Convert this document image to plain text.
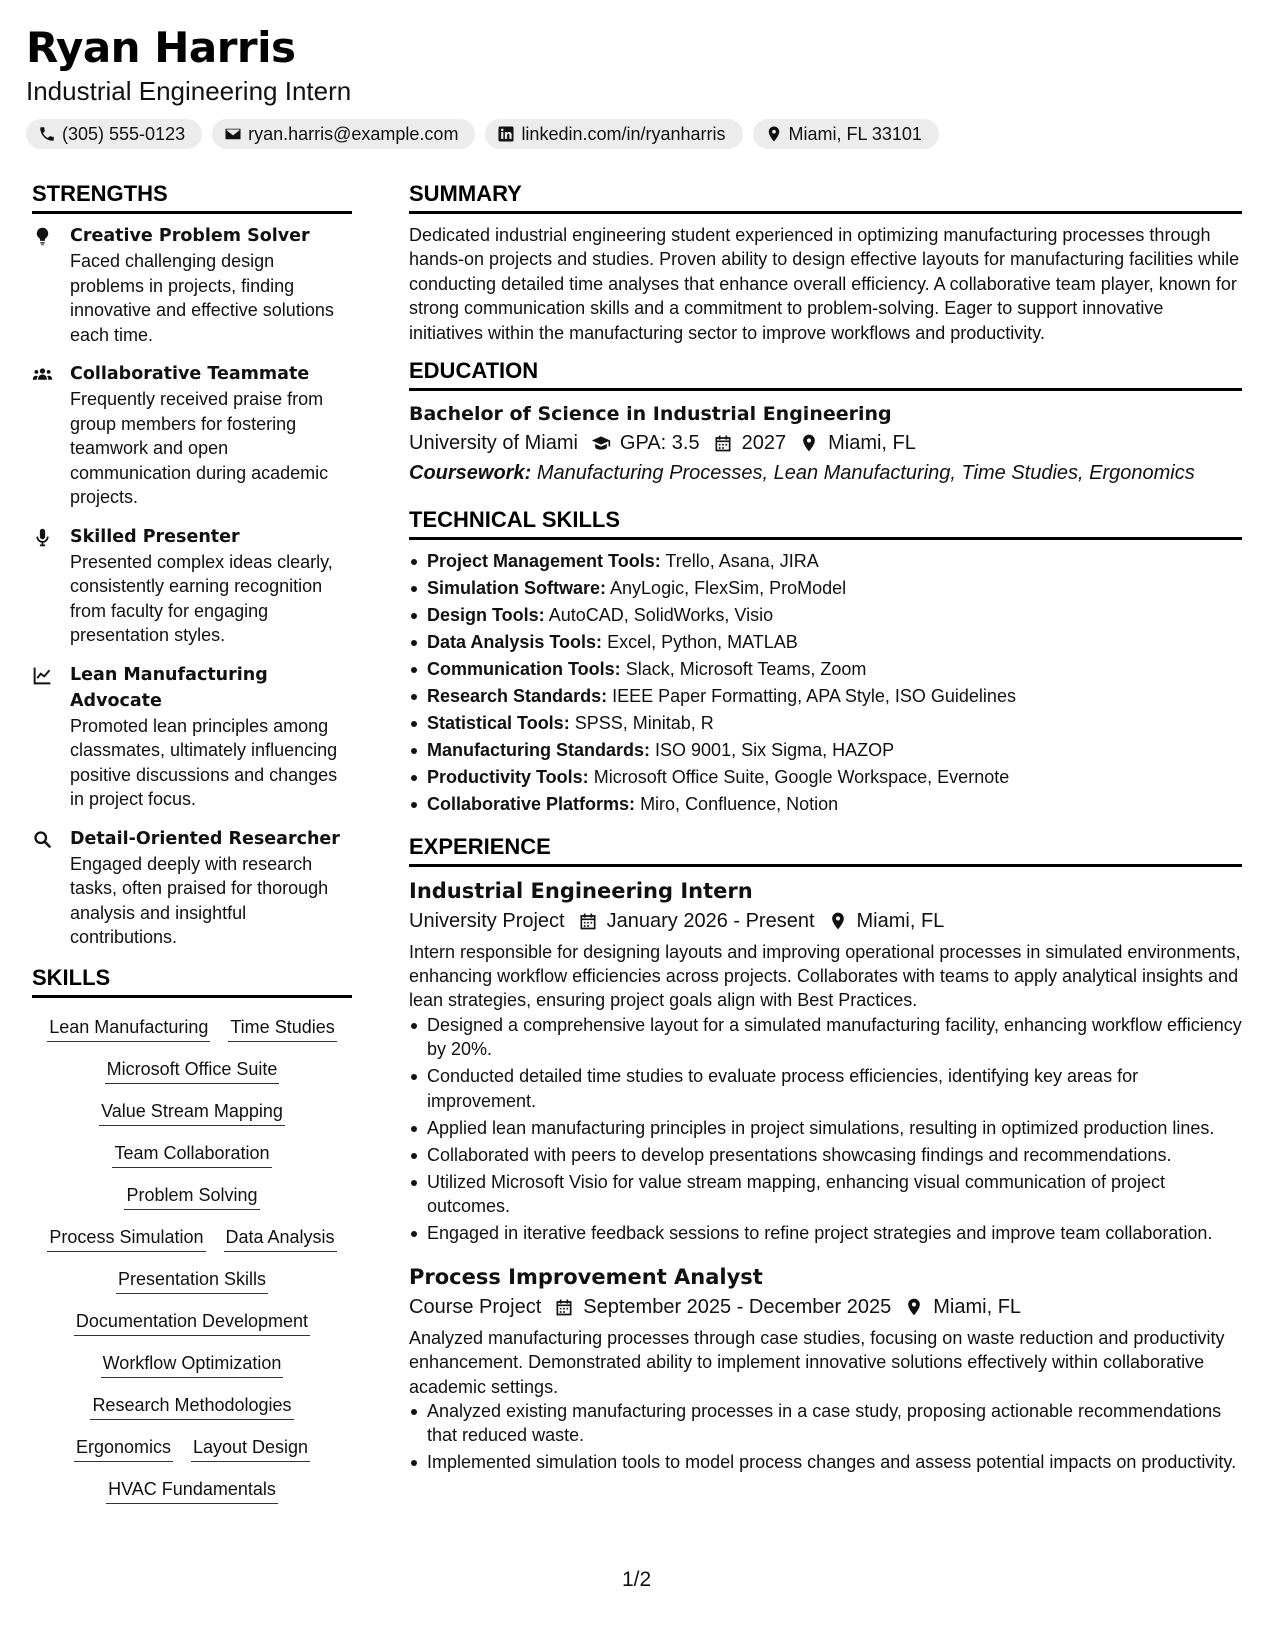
Ryan Harris
Industrial Engineering Intern
(305) 555-0123	ryan.harris@example.com	linkedin.com/in/ryanharris	Miami, FL 33101
STRENGTHS
Creative Problem Solver
Faced challenging design problems in projects, finding innovative and effective solutions each time.
Collaborative Teammate
Frequently received praise from group members for fostering teamwork and open communication during academic projects.
Skilled Presenter
Presented complex ideas clearly, consistently earning recognition from faculty for engaging presentation styles.
Lean Manufacturing Advocate
Promoted lean principles among classmates, ultimately influencing positive discussions and changes in project focus.
Detail-Oriented Researcher
Engaged deeply with research tasks, often praised for thorough analysis and insightful contributions.
SKILLS
Lean Manufacturing Time Studies
Microsoft Office Suite
Value Stream Mapping
Team Collaboration
Problem Solving
Process Simulation Data Analysis
Presentation Skills
Documentation Development
Workflow Optimization
Research Methodologies
Ergonomics Layout Design
HVAC Fundamentals
SUMMARY
Dedicated industrial engineering student experienced in optimizing manufacturing processes through hands-on projects and studies. Proven ability to design effective layouts for manufacturing facilities while conducting detailed time analyses that enhance overall efficiency. A collaborative team player, known for strong communication skills and a commitment to problem-solving. Eager to support innovative initiatives within the manufacturing sector to improve workflows and productivity.
EDUCATION
Bachelor of Science in Industrial Engineering
University of Miami GPA: 3.5 2027 Miami, FL
Coursework: Manufacturing Processes, Lean Manufacturing, Time Studies, Ergonomics
TECHNICAL SKILLS
Project Management Tools: Trello, Asana, JIRA
Simulation Software: AnyLogic, FlexSim, ProModel
Design Tools: AutoCAD, SolidWorks, Visio
Data Analysis Tools: Excel, Python, MATLAB
Communication Tools: Slack, Microsoft Teams, Zoom
Research Standards: IEEE Paper Formatting, APA Style, ISO Guidelines
Statistical Tools: SPSS, Minitab, R
Manufacturing Standards: ISO 9001, Six Sigma, HAZOP
Productivity Tools: Microsoft Office Suite, Google Workspace, Evernote
Collaborative Platforms: Miro, Confluence, Notion
EXPERIENCE
Industrial Engineering Intern
University Project January 2026 - Present Miami, FL
Intern responsible for designing layouts and improving operational processes in simulated environments, enhancing workflow efficiencies across projects. Collaborates with teams to apply analytical insights and lean strategies, ensuring project goals align with Best Practices.
Designed a comprehensive layout for a simulated manufacturing facility, enhancing workflow efficiency by 20%.
Conducted detailed time studies to evaluate process efficiencies, identifying key areas for improvement.
Applied lean manufacturing principles in project simulations, resulting in optimized production lines.
Collaborated with peers to develop presentations showcasing findings and recommendations.
Utilized Microsoft Visio for value stream mapping, enhancing visual communication of project outcomes.
Engaged in iterative feedback sessions to refine project strategies and improve team collaboration.
Process Improvement Analyst
Course Project September 2025 - December 2025 Miami, FL
Analyzed manufacturing processes through case studies, focusing on waste reduction and productivity enhancement. Demonstrated ability to implement innovative solutions effectively within collaborative academic settings.
Analyzed existing manufacturing processes in a case study, proposing actionable recommendations that reduced waste.
Implemented simulation tools to model process changes and assess potential impacts on productivity.
1/2
